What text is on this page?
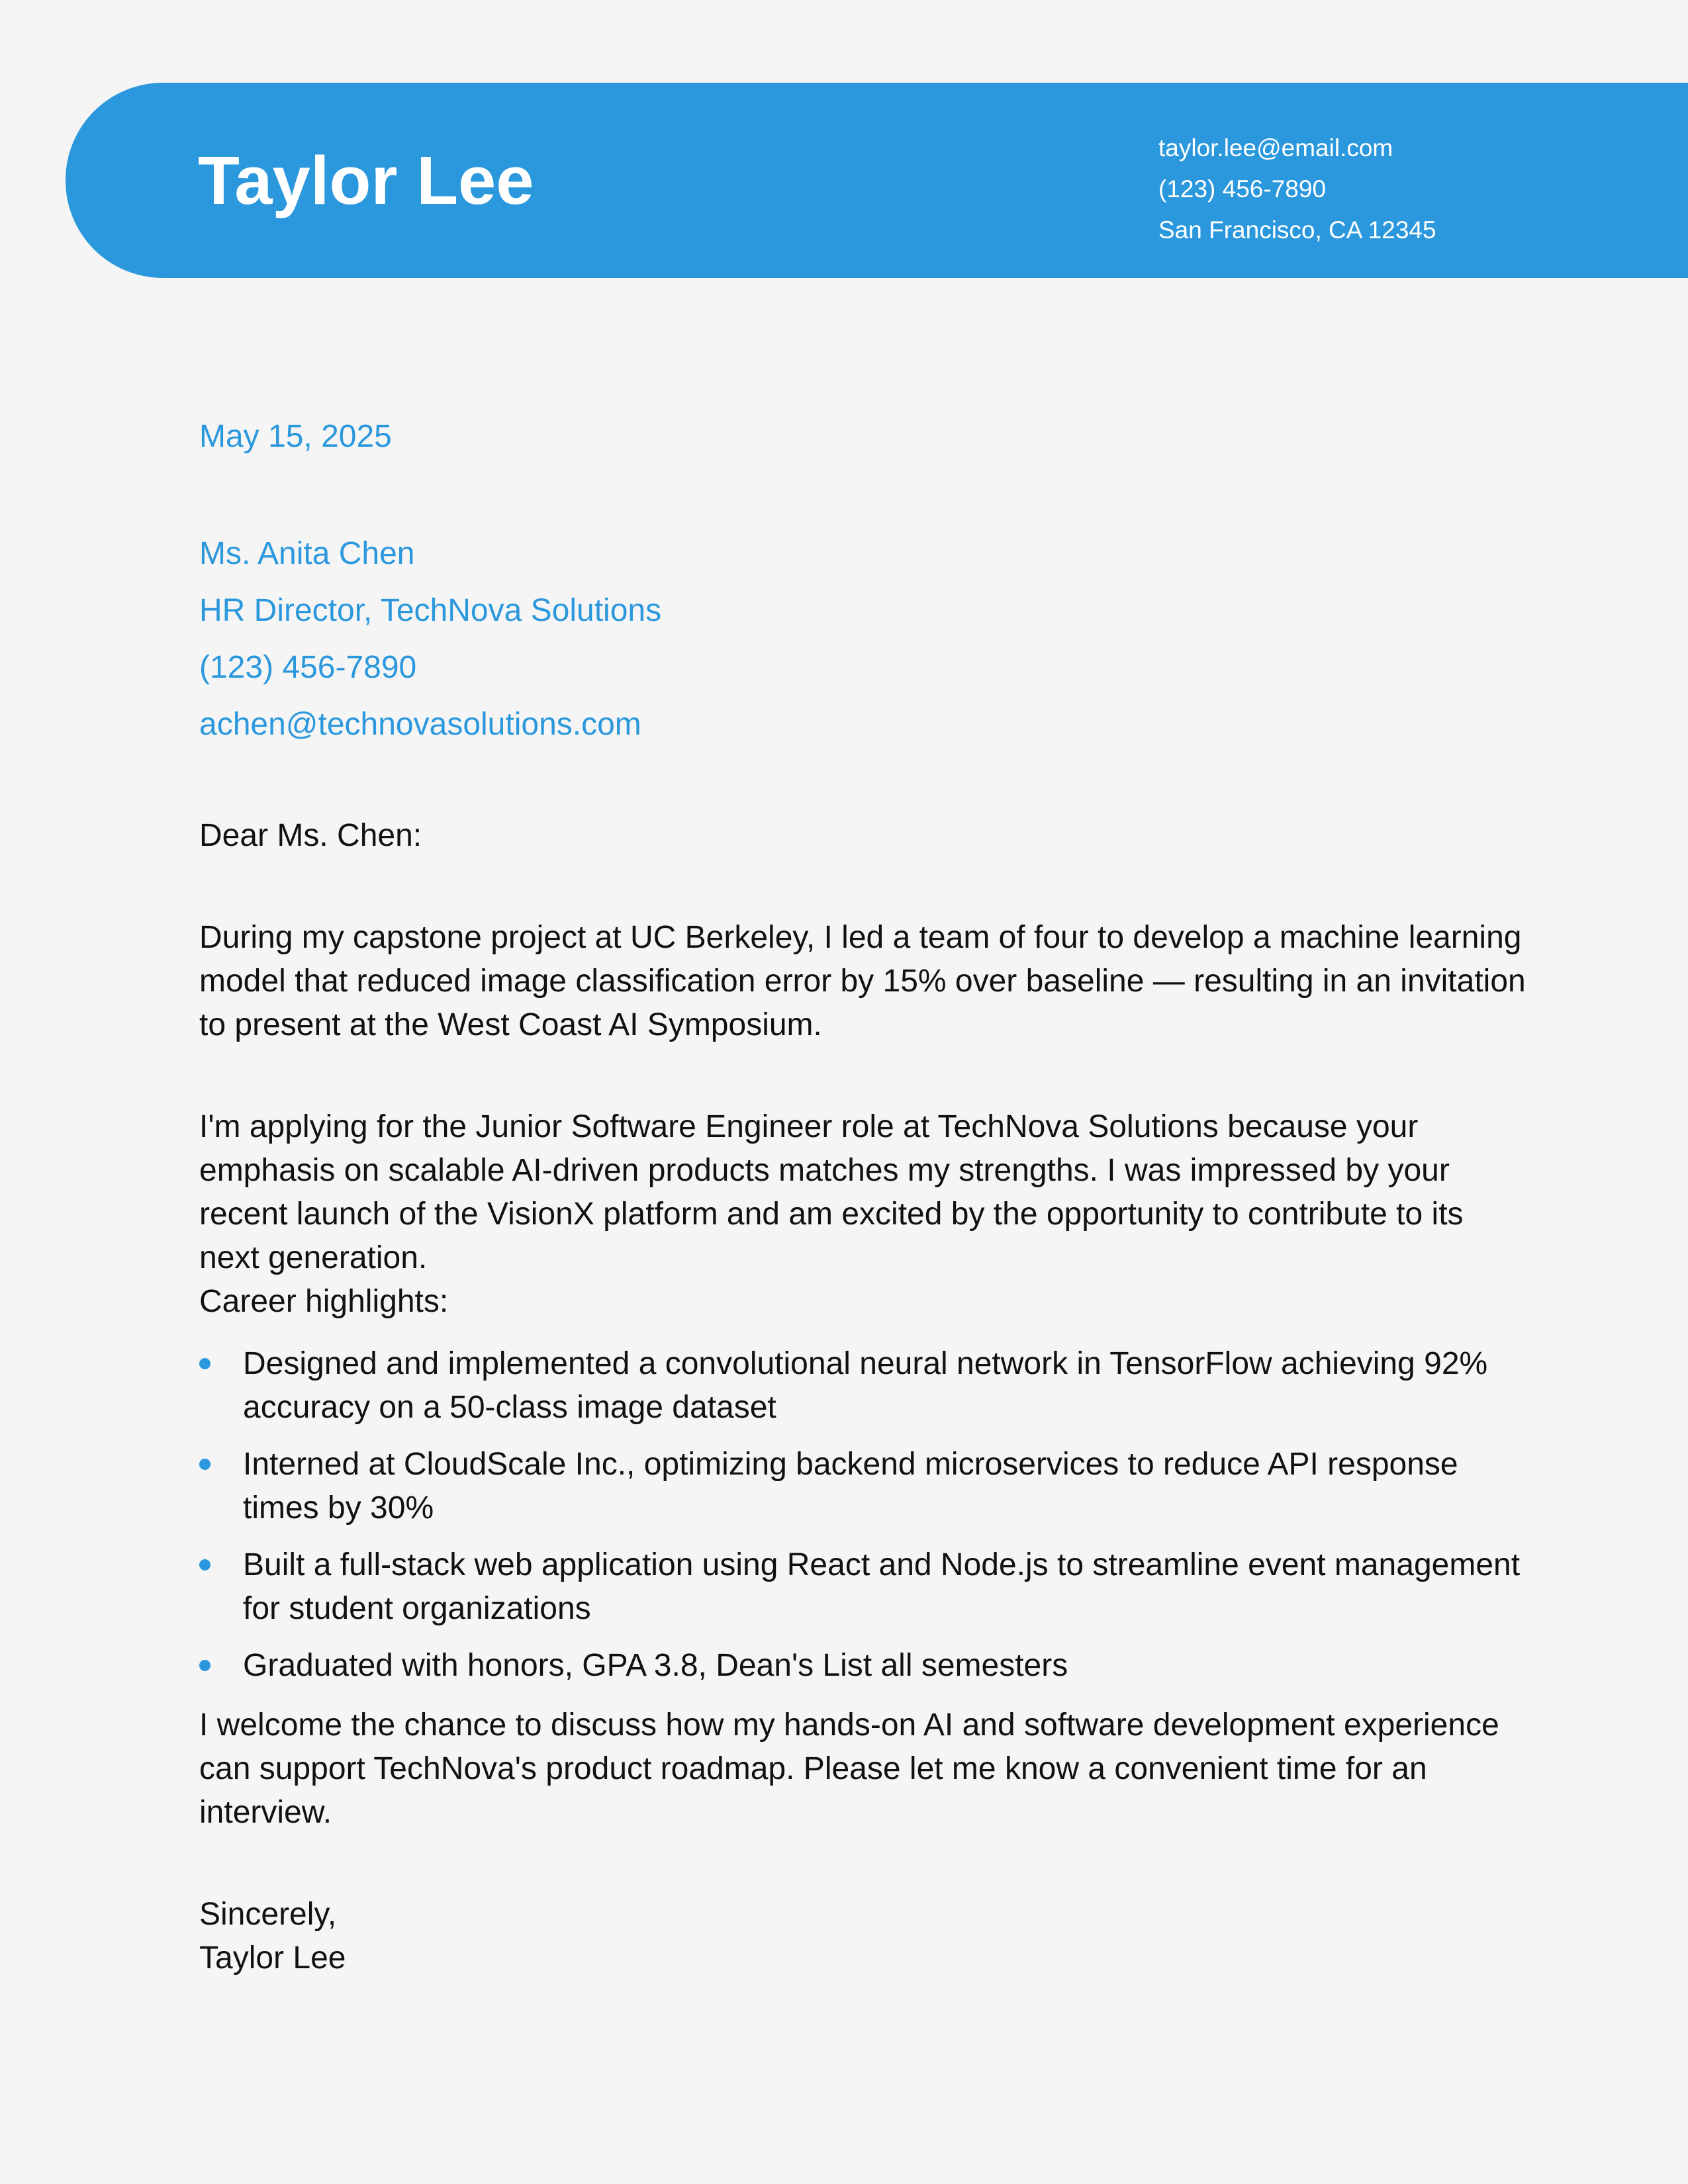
Taylor Lee	taylor.lee@email.com
(123) 456-7890
San Francisco, CA 12345
May 15, 2025
Ms. Anita Chen
HR Director, TechNova Solutions
(123) 456-7890
achen@technovasolutions.com

Dear Ms. Chen:

During my capstone project at UC Berkeley, I led a team of four to develop a machine learning model that reduced image classification error by 15% over baseline — resulting in an invitation to present at the West Coast AI Symposium.

I'm applying for the Junior Software Engineer role at TechNova Solutions because your emphasis on scalable AI-driven products matches my strengths. I was impressed by your recent launch of the VisionX platform and am excited by the opportunity to contribute to its next generation.

Career highlights:

Designed and implemented a convolutional neural network in TensorFlow achieving 92% accuracy on a 50-class image dataset
Interned at CloudScale Inc., optimizing backend microservices to reduce API response times by 30%
Built a full-stack web application using React and Node.js to streamline event management for student organizations
Graduated with honors, GPA 3.8, Dean's List all semesters

I welcome the chance to discuss how my hands-on AI and software development experience can support TechNova's product roadmap. Please let me know a convenient time for an interview.

Sincerely,

Taylor Lee
